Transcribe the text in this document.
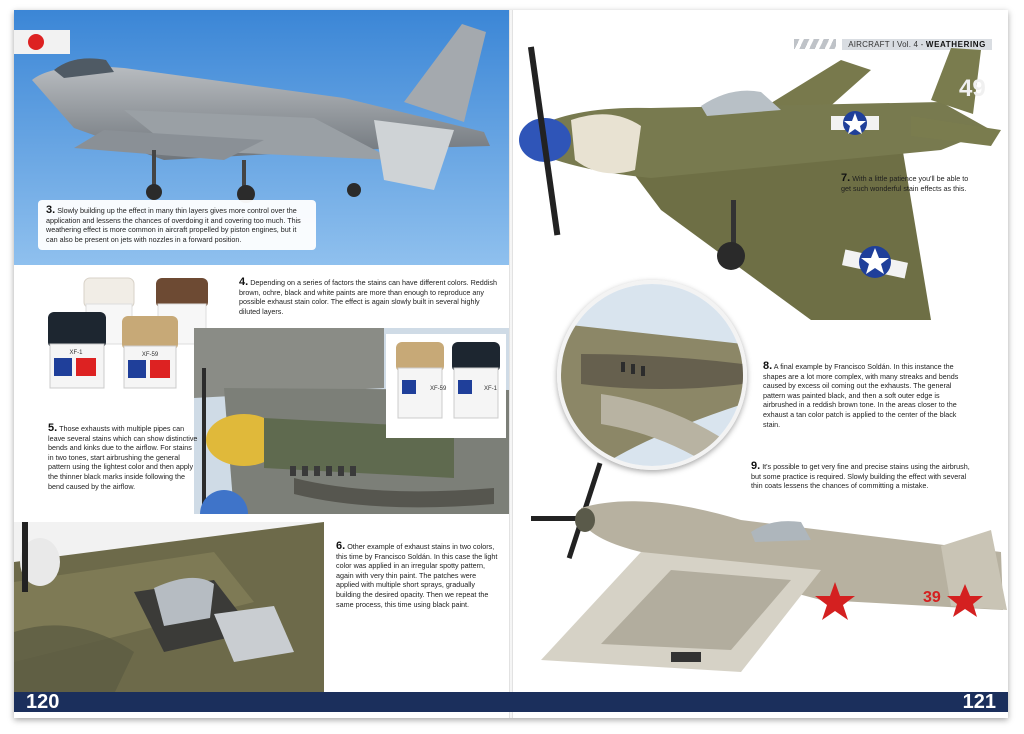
3. Slowly building up the effect in many thin layers gives more control over the application and lessens the chances of overdoing it and covering too much. This weathering effect is more common in aircraft propelled by piston engines, but it can also be present on jets with nozzles in a forward position.
XF-1	XF-59
4. Depending on a series of factors the stains can have different colors. Reddish brown, ochre, black and white paints are more than enough to reproduce any possible exhaust stain color. The effect is again slowly built in several highly diluted layers.
XF-59	XF-1
5. Those exhausts with multiple pipes can leave several stains which can show distinctive bends and kinks due to the airflow. For stains in two tones, start airbrushing the general pattern using the lightest color and then apply the thinner black marks inside following the bend caused by the airflow.
6. Other example of exhaust stains in two colors, this time by Francisco Soldán. In this case the light color was applied in an irregular spotty pattern, again with very thin paint. The patches were applied with multiple short sprays, gradually building the desired opacity. Then we repeat the same process, this time using black paint.
AIRCRAFT I Vol. 4 - WEATHERING
49
7. With a little patience you'll be able to get such wonderful stain effects as this.
8. A final example by Francisco Soldán. In this instance the shapes are a lot more complex, with many streaks and bends caused by excess oil coming out the exhausts. The general pattern was painted black, and then a soft outer edge is airbrushed in a reddish brown tone. In the areas closer to the exhaust a tan color patch is applied to the center of the black stain.
9. It's possible to get very fine and precise stains using the airbrush, but some practice is required. Slowly building the effect with several thin coats lessens the chances of committing a mistake.
39
120	121
